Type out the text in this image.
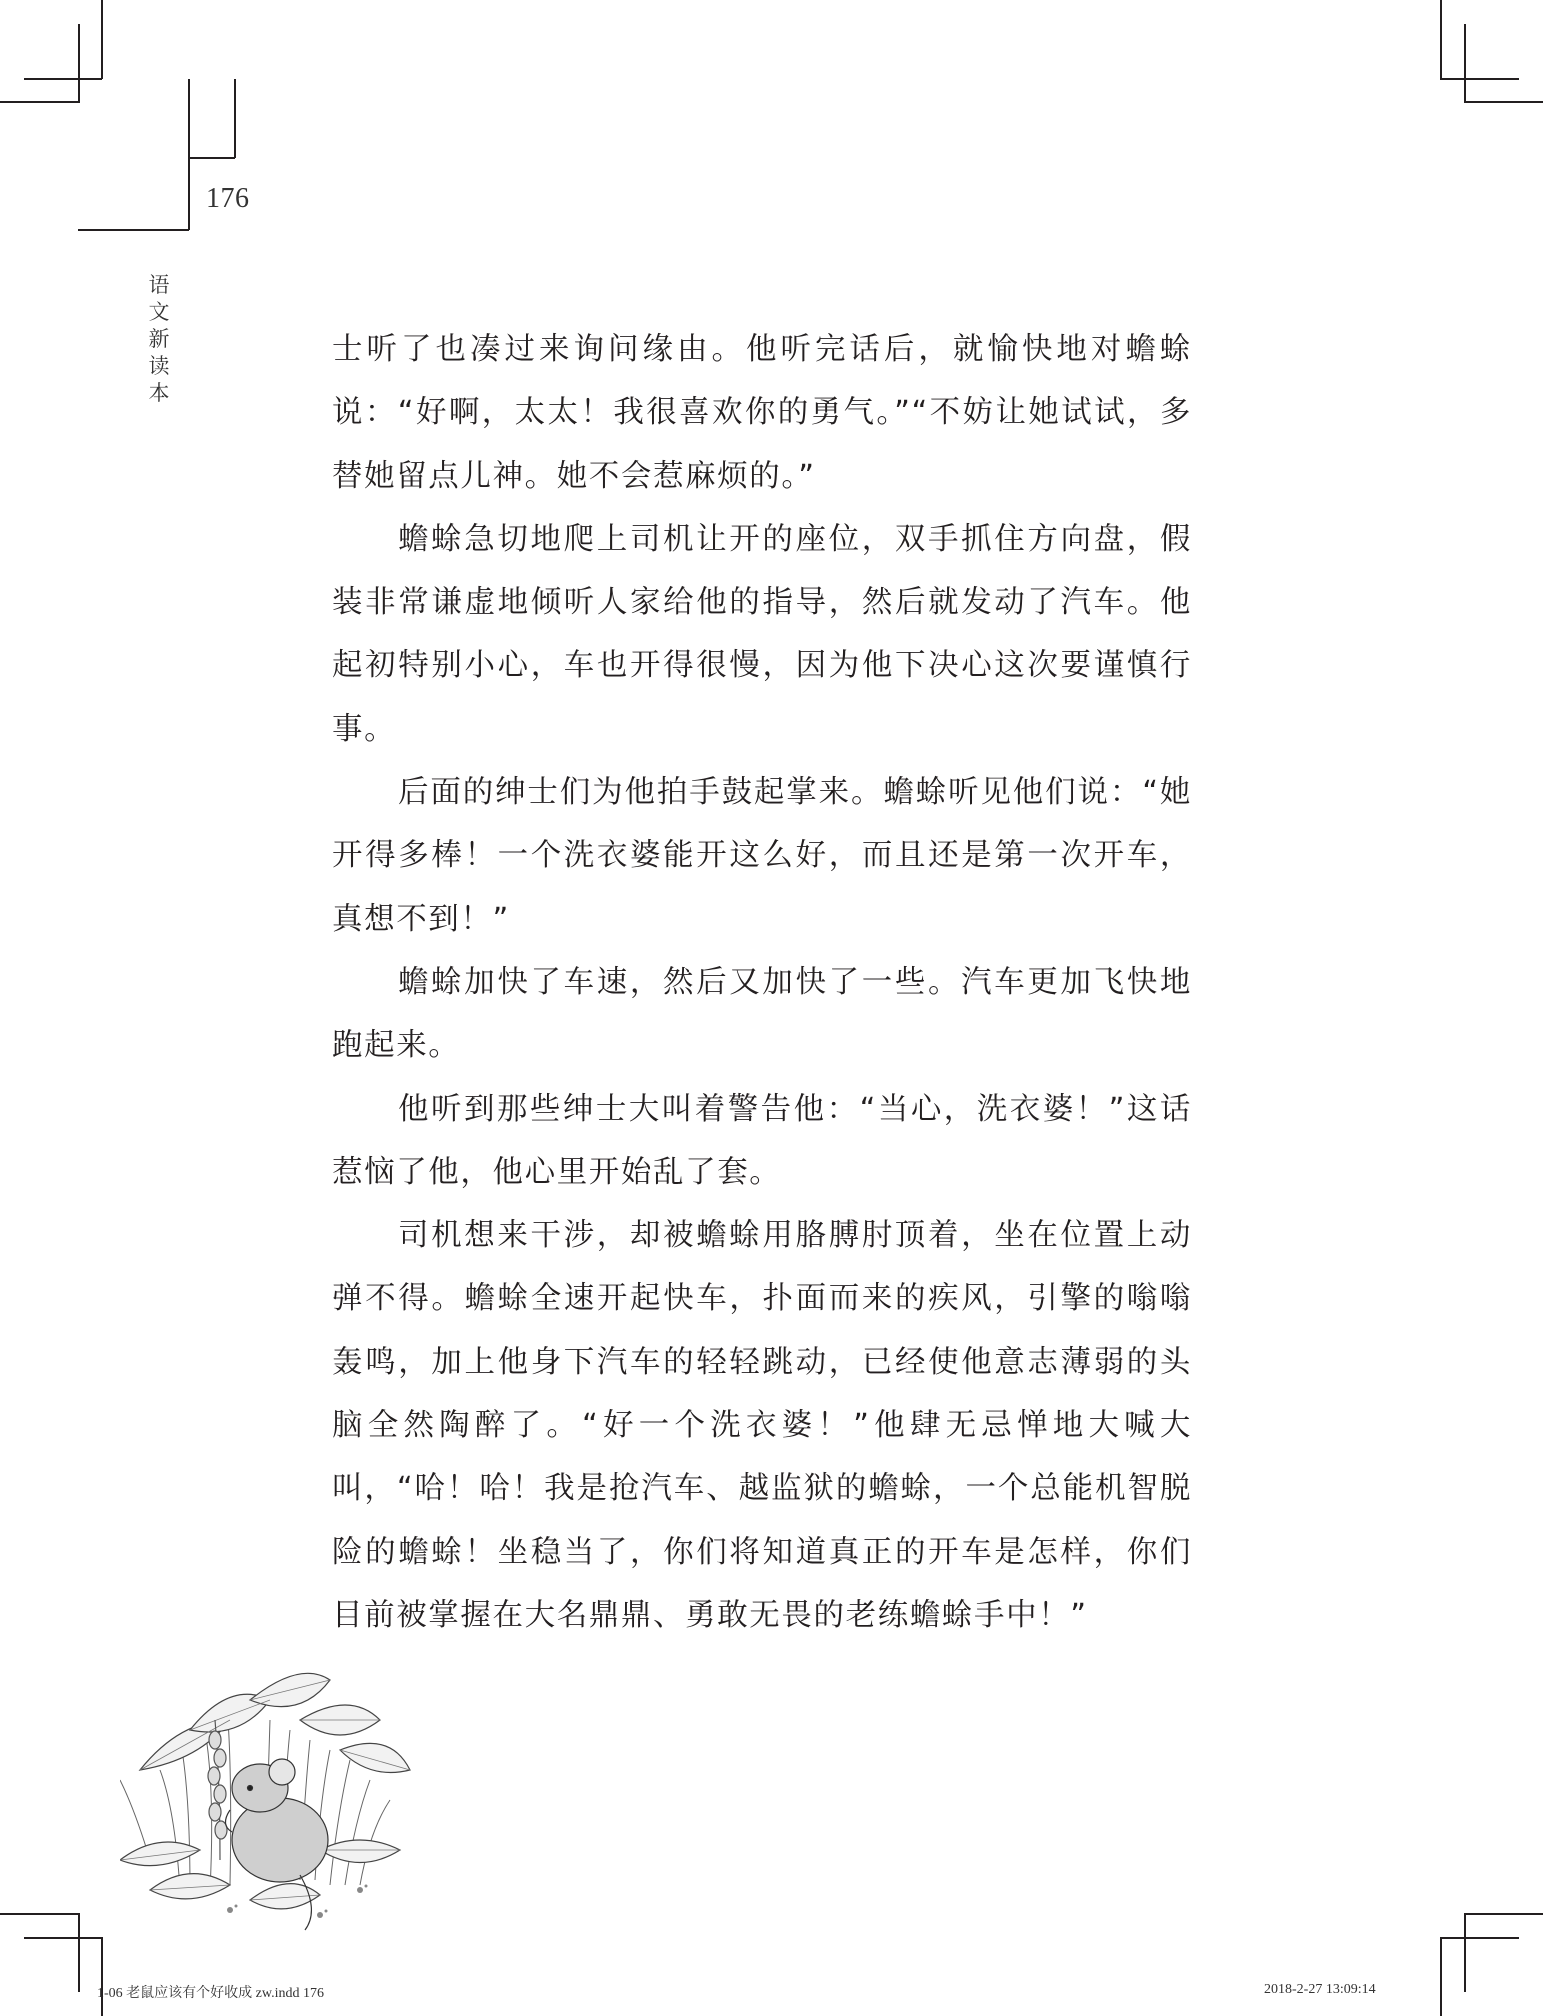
176
语文新读本

士听了也凑过来询问缘由。他听完话后，就愉快地对蟾蜍说：“好啊，太太！我很喜欢你的勇气。”“不妨让她试试，多替她留点儿神。她不会惹麻烦的。”

蟾蜍急切地爬上司机让开的座位，双手抓住方向盘，假装非常谦虚地倾听人家给他的指导，然后就发动了汽车。他起初特别小心，车也开得很慢，因为他下决心这次要谨慎行事。

后面的绅士们为他拍手鼓起掌来。蟾蜍听见他们说：“她开得多棒！一个洗衣婆能开这么好，而且还是第一次开车，真想不到！”

蟾蜍加快了车速，然后又加快了一些。汽车更加飞快地跑起来。

他听到那些绅士大叫着警告他：“当心，洗衣婆！”这话惹恼了他，他心里开始乱了套。

司机想来干涉，却被蟾蜍用胳膊肘顶着，坐在位置上动弹不得。蟾蜍全速开起快车，扑面而来的疾风，引擎的嗡嗡轰鸣，加上他身下汽车的轻轻跳动，已经使他意志薄弱的头脑全然陶醉了。“好一个洗衣婆！”他肆无忌惮地大喊大叫，“哈！哈！我是抢汽车、越监狱的蟾蜍，一个总能机智脱险的蟾蜍！坐稳当了，你们将知道真正的开车是怎样，你们目前被掌握在大名鼎鼎、勇敢无畏的老练蟾蜍手中！”

1-06 老鼠应该有个好收成 zw.indd 176	2018-2-27 13:09:14
